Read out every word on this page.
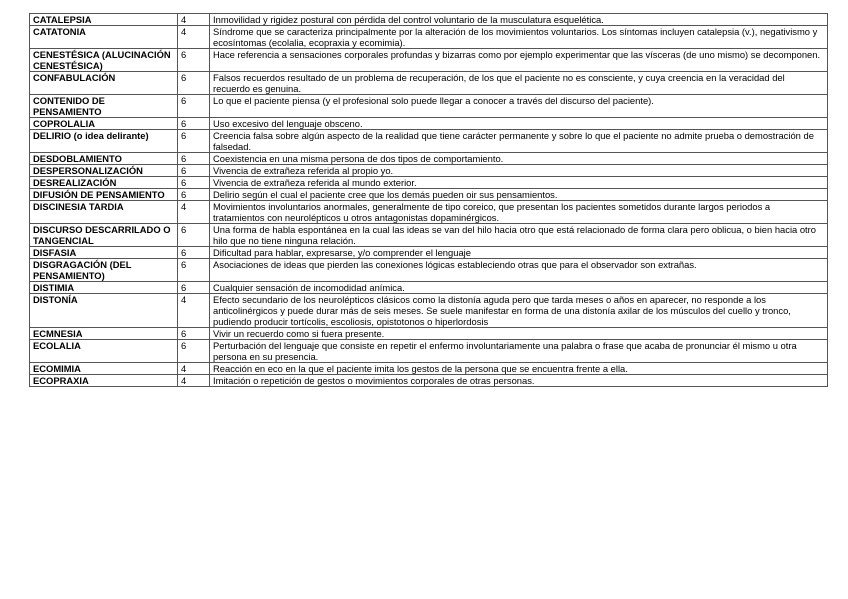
CATALEPSIA	4	Inmovilidad y rigidez postural con pérdida del control voluntario de la musculatura esquelética.
CATATONIA	4	Síndrome que se caracteriza principalmente por la alteración de los movimientos voluntarios. Los síntomas incluyen catalepsia (v.), negativismo y ecosíntomas (ecolalia, ecopraxia y ecomimia).
CENESTÉSICA (ALUCINACIÓN CENESTÉSICA)	6	Hace referencia a sensaciones corporales profundas y bizarras como por ejemplo experimentar que las vísceras (de uno mismo) se decomponen.
CONFABULACIÓN	6	Falsos recuerdos resultado de un problema de recuperación, de los que el paciente no es consciente, y cuya creencia en la veracidad del recuerdo es genuina.
CONTENIDO DE PENSAMIENTO	6	Lo que el paciente piensa (y el profesional solo puede llegar a conocer a través del discurso del paciente).
COPROLALIA	6	Uso excesivo del lenguaje obsceno.
DELIRIO (o idea delirante)	6	Creencia falsa sobre algún aspecto de la realidad que tiene carácter permanente y sobre lo que el paciente no admite prueba o demostración de falsedad.
DESDOBLAMIENTO	6	Coexistencia en una misma persona de dos tipos de comportamiento.
DESPERSONALIZACIÓN	6	Vivencia de extrañeza referida al propio yo.
DESREALIZACIÓN	6	Vivencia de extrañeza referida al mundo exterior.
DIFUSIÓN DE PENSAMIENTO	6	Delirio según el cual el paciente cree que los demás pueden oir sus pensamientos.
DISCINESIA TARDIA	4	Movimientos involuntarios anormales, generalmente de tipo coreico, que presentan los pacientes sometidos durante largos periodos a tratamientos con neurolépticos u otros antagonistas dopaminérgicos.
DISCURSO DESCARRILADO O TANGENCIAL	6	Una forma de habla espontánea en la cual las ideas se van del hilo hacia otro que está relacionado de forma clara pero oblicua, o bien hacia otro hilo que no tiene ninguna relación.
DISFASIA	6	Dificultad para hablar, expresarse, y/o comprender el lenguaje
DISGRAGACIÓN (DEL PENSAMIENTO)	6	Asociaciones de ideas que pierden las conexiones lógicas estableciendo otras que para el observador son extrañas.
DISTIMIA	6	Cualquier sensación de incomodidad anímica.
DISTONÍA	4	Efecto secundario de los neurolépticos clásicos como la distonía aguda pero que tarda meses o años en aparecer, no responde a los anticolinérgicos y puede durar más de seis meses. Se suele manifestar en forma de una distonía axilar de los músculos del cuello y tronco, pudiendo producir tortícolis, escoliosis, opistotonos o hiperlordosis
ECMNESIA	6	Vivir un recuerdo como si fuera presente.
ECOLALIA	6	Perturbación del lenguaje que consiste en repetir el enfermo involuntariamente una palabra o frase que acaba de pronunciar él mismo u otra persona en su presencia.
ECOMIMIA	4	Reacción en eco en la que el paciente imita los gestos de la persona que se encuentra frente a ella.
ECOPRAXIA	4	Imitación o repetición de gestos o movimientos corporales de otras personas.
